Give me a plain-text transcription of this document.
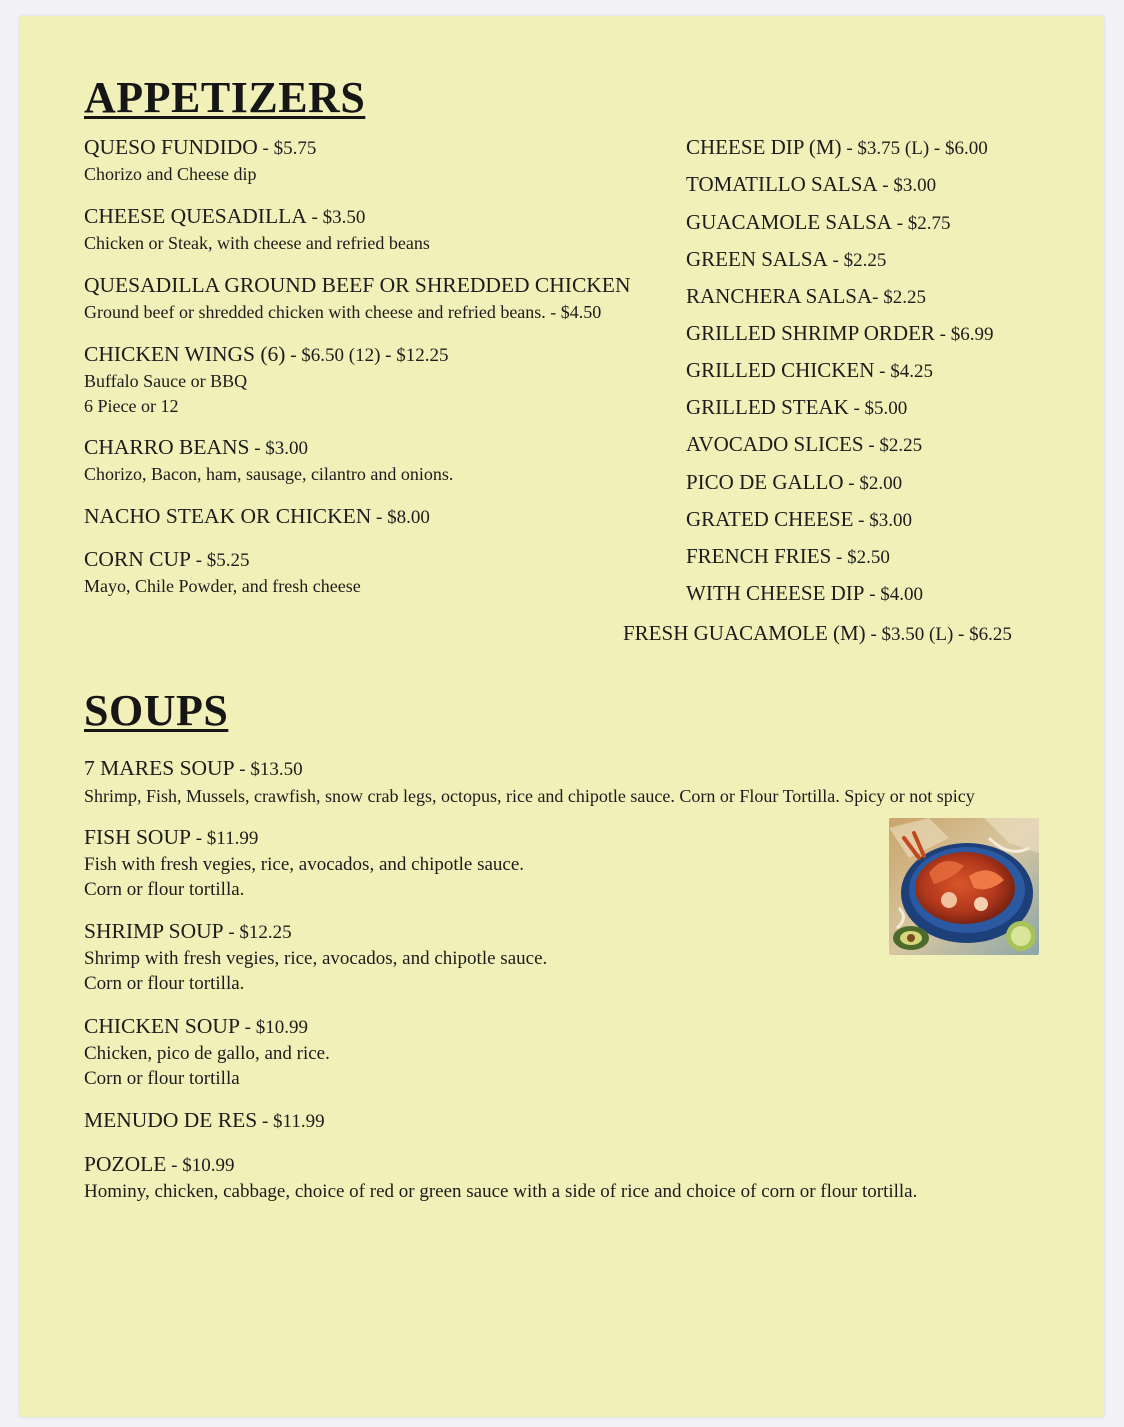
APPETIZERS
QUESO FUNDIDO - $5.75
Chorizo and Cheese dip
CHEESE QUESADILLA - $3.50
Chicken or Steak, with cheese and refried beans
QUESADILLA GROUND BEEF OR SHREDDED CHICKEN
Ground beef or shredded chicken with cheese and refried beans. - $4.50
CHICKEN WINGS (6) - $6.50 (12) - $12.25
Buffalo Sauce or BBQ
6 Piece or 12
CHARRO BEANS - $3.00
Chorizo, Bacon, ham, sausage, cilantro and onions.
NACHO STEAK OR CHICKEN - $8.00
CORN CUP - $5.25
Mayo, Chile Powder, and fresh cheese
CHEESE DIP (M) - $3.75 (L) - $6.00
TOMATILLO SALSA - $3.00
GUACAMOLE SALSA - $2.75
GREEN SALSA - $2.25
RANCHERA SALSA- $2.25
GRILLED SHRIMP ORDER - $6.99
GRILLED CHICKEN - $4.25
GRILLED STEAK - $5.00
AVOCADO SLICES - $2.25
PICO DE GALLO - $2.00
GRATED CHEESE - $3.00
FRENCH FRIES - $2.50
WITH CHEESE DIP - $4.00
FRESH GUACAMOLE (M) - $3.50 (L) - $6.25
SOUPS
7 MARES SOUP - $13.50
Shrimp, Fish, Mussels, crawfish, snow crab legs, octopus, rice and chipotle sauce. Corn or Flour Tortilla. Spicy or not spicy
FISH SOUP - $11.99
Fish with fresh vegies, rice, avocados, and chipotle sauce.
Corn or flour tortilla.
SHRIMP SOUP - $12.25
Shrimp with fresh vegies, rice, avocados, and chipotle sauce.
Corn or flour tortilla.
CHICKEN SOUP - $10.99
Chicken, pico de gallo, and rice.
Corn or flour tortilla
MENUDO DE RES - $11.99
POZOLE - $10.99
Hominy, chicken, cabbage, choice of red or green sauce with a side of rice and choice of corn or flour tortilla.
